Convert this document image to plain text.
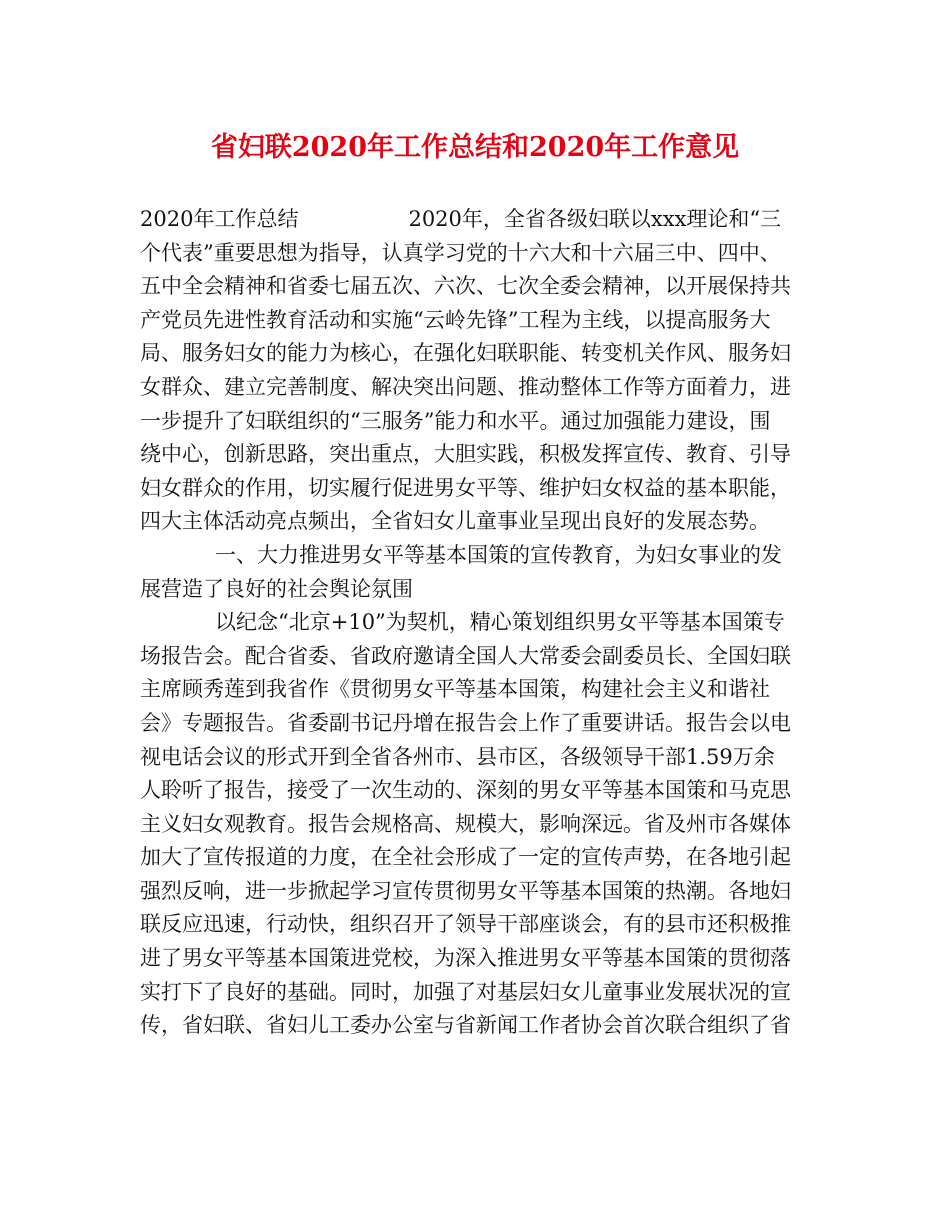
省妇联2020年工作总结和2020年工作意见
2020年工作总结	2020年，全省各级妇联以xxx理论和“三
个代表”重要思想为指导，认真学习党的十六大和十六届三中、四中、
五中全会精神和省委七届五次、六次、七次全委会精神，以开展保持共
产党员先进性教育活动和实施“云岭先锋”工程为主线，以提高服务大
局、服务妇女的能力为核心，在强化妇联职能、转变机关作风、服务妇
女群众、建立完善制度、解决突出问题、推动整体工作等方面着力，进
一步提升了妇联组织的“三服务”能力和水平。通过加强能力建设，围
绕中心，创新思路，突出重点，大胆实践，积极发挥宣传、教育、引导
妇女群众的作用，切实履行促进男女平等、维护妇女权益的基本职能，
四大主体活动亮点频出，全省妇女儿童事业呈现出良好的发展态势。
一、大力推进男女平等基本国策的宣传教育，为妇女事业的发
展营造了良好的社会舆论氛围
以纪念“北京+10”为契机，精心策划组织男女平等基本国策专
场报告会。配合省委、省政府邀请全国人大常委会副委员长、全国妇联
主席顾秀莲到我省作《贯彻男女平等基本国策，构建社会主义和谐社
会》专题报告。省委副书记丹增在报告会上作了重要讲话。报告会以电
视电话会议的形式开到全省各州市、县市区，各级领导干部1.59万余
人聆听了报告，接受了一次生动的、深刻的男女平等基本国策和马克思
主义妇女观教育。报告会规格高、规模大，影响深远。省及州市各媒体
加大了宣传报道的力度，在全社会形成了一定的宣传声势，在各地引起
强烈反响，进一步掀起学习宣传贯彻男女平等基本国策的热潮。各地妇
联反应迅速，行动快，组织召开了领导干部座谈会，有的县市还积极推
进了男女平等基本国策进党校，为深入推进男女平等基本国策的贯彻落
实打下了良好的基础。同时，加强了对基层妇女儿童事业发展状况的宣
传，省妇联、省妇儿工委办公室与省新闻工作者协会首次联合组织了省
